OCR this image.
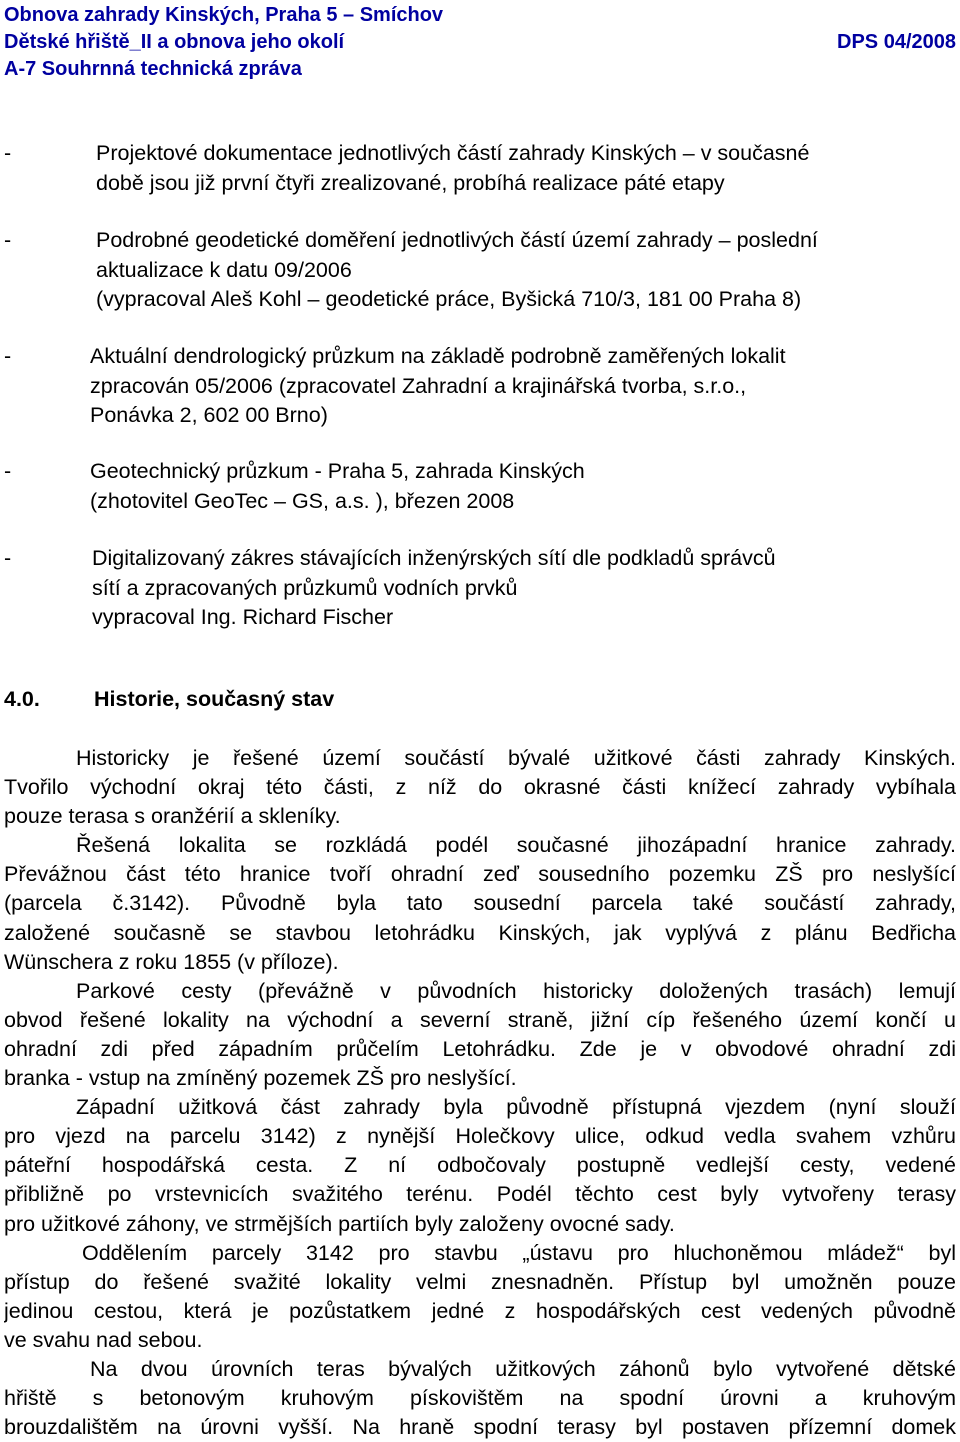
Obnova zahrady Kinských, Praha 5 – Smíchov
Dětské hřiště_II a obnova jeho okolí	DPS 04/2008
A-7 Souhrnná technická zpráva
-	Projektové dokumentace jednotlivých částí zahrady Kinských – v současné
době jsou již první čtyři zrealizované, probíhá realizace páté etapy
-	Podrobné geodetické doměření jednotlivých částí území zahrady – poslední
aktualizace k datu 09/2006
(vypracoval Aleš Kohl – geodetické práce, Byšická 710/3, 181 00 Praha 8)
-	Aktuální dendrologický průzkum na základě podrobně zaměřených lokalit
zpracován 05/2006 (zpracovatel Zahradní a krajinářská tvorba, s.r.o.,
Ponávka 2, 602 00 Brno)
-	Geotechnický průzkum - Praha 5, zahrada Kinských
(zhotovitel GeoTec – GS, a.s. ), březen 2008
-	Digitalizovaný zákres stávajících inženýrských sítí dle podkladů správců
sítí a zpracovaných průzkumů vodních prvků
vypracoval Ing. Richard Fischer
4.0.	Historie, současný stav
Historicky je řešené území součástí bývalé užitkové části zahrady Kinských.
Tvořilo východní okraj této části, z níž do okrasné části knížecí zahrady vybíhala
pouze terasa s oranžérií a skleníky.
Řešená lokalita se rozkládá podél současné jihozápadní hranice zahrady.
Převážnou část této hranice tvoří ohradní zeď sousedního pozemku ZŠ pro neslyšící
(parcela č.3142). Původně byla tato sousední parcela také součástí zahrady,
založené současně se stavbou letohrádku Kinských, jak vyplývá z plánu Bedřicha
Wünschera z roku 1855 (v příloze).
Parkové cesty (převážně v původních historicky doložených trasách) lemují
obvod řešené lokality na východní a severní straně, jižní cíp řešeného území končí u
ohradní zdi před západním průčelím Letohrádku. Zde je v obvodové ohradní zdi
branka - vstup na zmíněný pozemek ZŠ pro neslyšící.
Západní užitková část zahrady byla původně přístupná vjezdem (nyní slouží
pro vjezd na parcelu 3142) z nynější Holečkovy ulice, odkud vedla svahem vzhůru
páteřní hospodářská cesta. Z ní odbočovaly postupně vedlejší cesty, vedené
přibližně po vrstevnicích svažitého terénu. Podél těchto cest byly vytvořeny terasy
pro užitkové záhony, ve strmějších partiích byly založeny ovocné sady.
Oddělením parcely 3142 pro stavbu „ústavu pro hluchoněmou mládež“ byl
přístup do řešené svažité lokality velmi znesnadněn. Přístup byl umožněn pouze
jedinou cestou, která je pozůstatkem jedné z hospodářských cest vedených původně
ve svahu nad sebou.
Na dvou úrovních teras bývalých užitkových záhonů bylo vytvořené dětské
hřiště s betonovým kruhovým pískovištěm na spodní úrovni a kruhovým
brouzdalištěm na úrovni vyšší. Na hraně spodní terasy byl postaven přízemní domek
